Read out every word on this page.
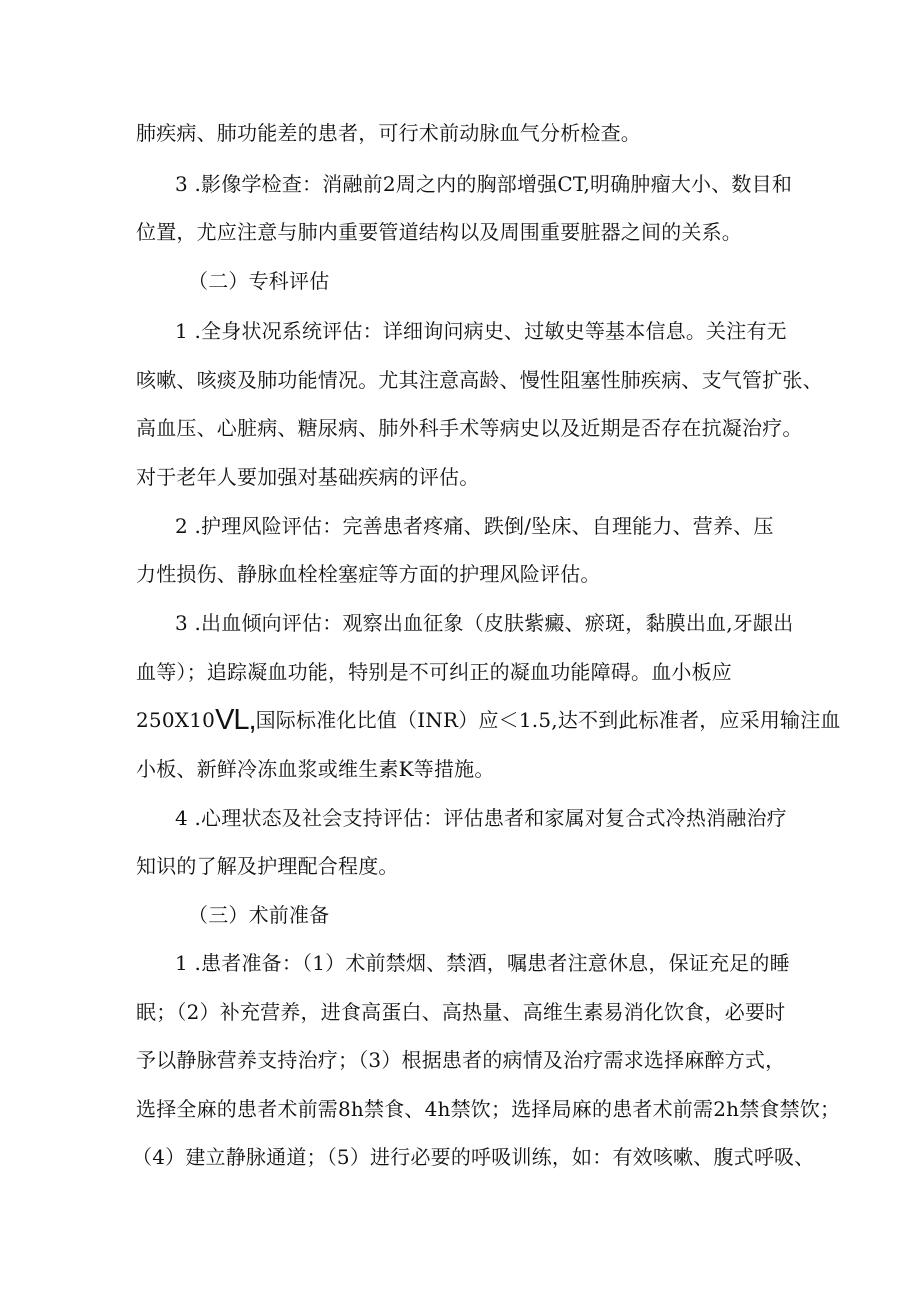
肺疾病、肺功能差的患者，可行术前动脉血气分析检查。
3 .影像学检查：消融前2周之内的胸部增强CT,明确肿瘤大小、数目和
位置，尤应注意与肺内重要管道结构以及周围重要脏器之间的关系。
（二）专科评估
1 .全身状况系统评估：详细询问病史、过敏史等基本信息。关注有无
咳嗽、咳痰及肺功能情况。尤其注意高龄、慢性阻塞性肺疾病、支气管扩张、
高血压、心脏病、糖尿病、肺外科手术等病史以及近期是否存在抗凝治疗。
对于老年人要加强对基础疾病的评估。
2 .护理风险评估：完善患者疼痛、跌倒/坠床、自理能力、营养、压
力性损伤、静脉血栓栓塞症等方面的护理风险评估。
3 .出血倾向评估：观察出血征象（皮肤紫癜、瘀斑，黏膜出血,牙龈出
血等）；追踪凝血功能，特别是不可纠正的凝血功能障碍。血小板应
250X10VL,国际标准化比值（INR）应＜1.5,达不到此标准者，应采用输注血
小板、新鲜冷冻血浆或维生素K等措施。
4 .心理状态及社会支持评估：评估患者和家属对复合式冷热消融治疗
知识的了解及护理配合程度。
（三）术前准备
1 .患者准备：（1）术前禁烟、禁酒，嘱患者注意休息，保证充足的睡
眠；（2）补充营养，进食高蛋白、高热量、高维生素易消化饮食，必要时
予以静脉营养支持治疗；（3）根据患者的病情及治疗需求选择麻醉方式，
选择全麻的患者术前需8h禁食、4h禁饮；选择局麻的患者术前需2h禁食禁饮；
（4）建立静脉通道；（5）进行必要的呼吸训练，如：有效咳嗽、腹式呼吸、
